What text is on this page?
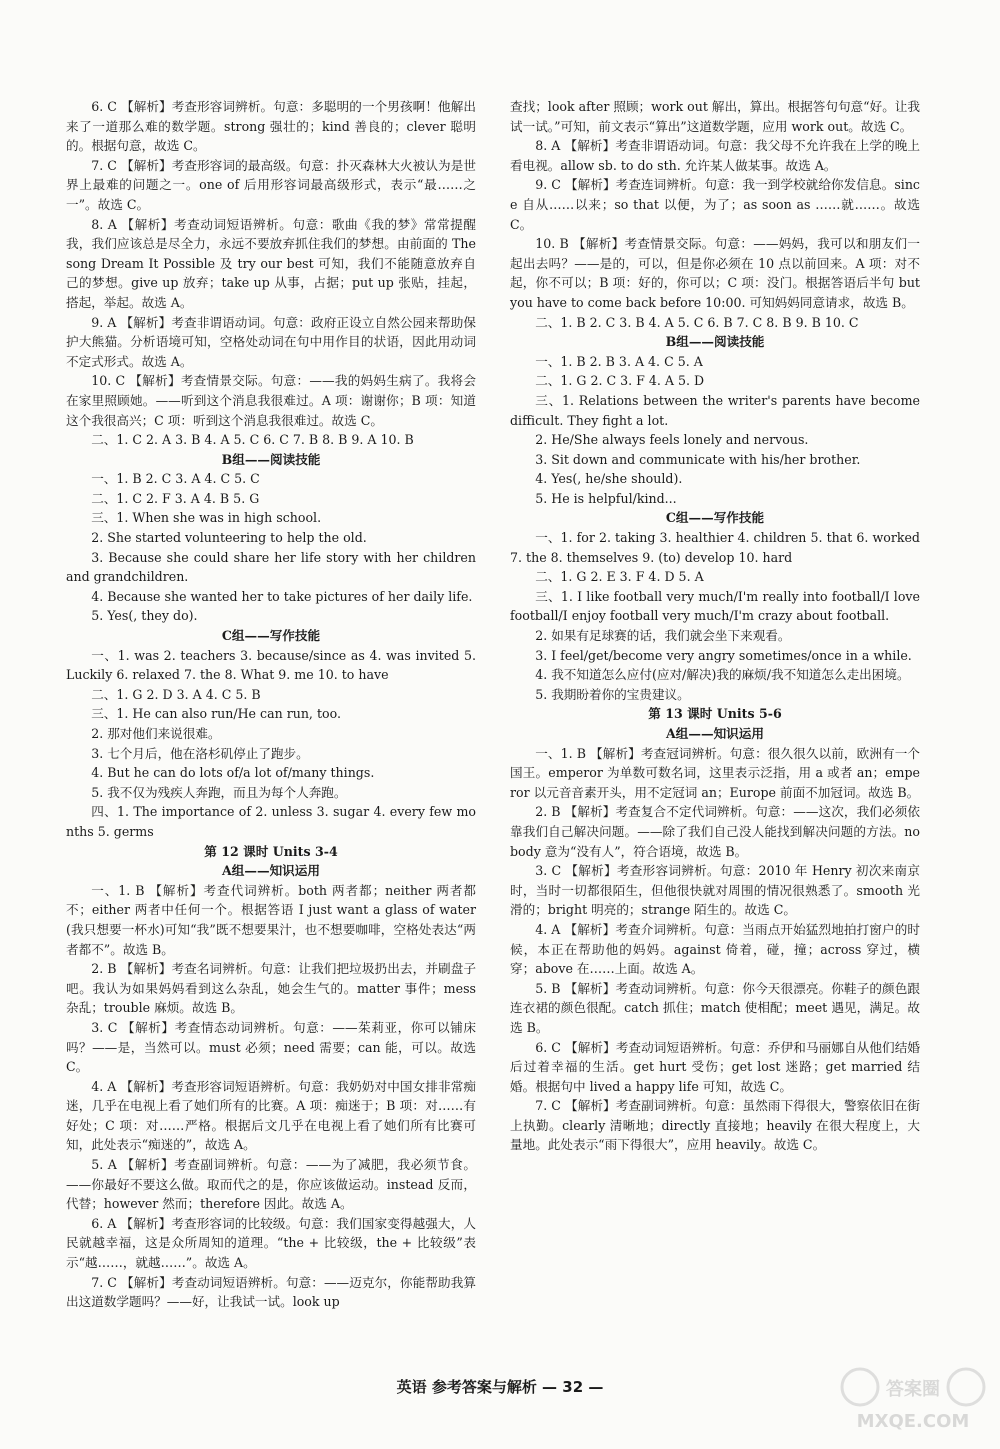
6. C 【解析】考查形容词辨析。句意：多聪明的一个男孩啊！他解出来了一道那么难的数学题。strong 强壮的；kind 善良的；clever 聪明的。根据句意，故选 C。

7. C 【解析】考查形容词的最高级。句意：扑灭森林大火被认为是世界上最难的问题之一。one of 后用形容词最高级形式，表示“最……之一”。故选 C。

8. A 【解析】考查动词短语辨析。句意：歌曲《我的梦》常常提醒我，我们应该总是尽全力，永远不要放弃抓住我们的梦想。由前面的 The song Dream It Possible 及 try our best 可知，我们不能随意放弃自己的梦想。give up 放弃；take up 从事，占据；put up 张贴，挂起，搭起，举起。故选 A。

9. A 【解析】考查非谓语动词。句意：政府正设立自然公园来帮助保护大熊猫。分析语境可知，空格处动词在句中用作目的状语，因此用动词不定式形式。故选 A。

10. C 【解析】考查情景交际。句意：——我的妈妈生病了。我将会在家里照顾她。——听到这个消息我很难过。A 项：谢谢你；B 项：知道这个我很高兴；C 项：听到这个消息我很难过。故选 C。

二、1. C 2. A 3. B 4. A 5. C 6. C 7. B 8. B 9. A 10. B

B组——阅读技能

一、1. B 2. C 3. A 4. C 5. C

二、1. C 2. F 3. A 4. B 5. G

三、1. When she was in high school.

2. She started volunteering to help the old.

3. Because she could share her life story with her children and grandchildren.

4. Because she wanted her to take pictures of her daily life.

5. Yes(, they do).

C组——写作技能

一、1. was 2. teachers 3. because/since as 4. was invited 5. Luckily 6. relaxed 7. the 8. What 9. me 10. to have

二、1. G 2. D 3. A 4. C 5. B

三、1. He can also run/He can run, too.

2. 那对他们来说很难。

3. 七个月后，他在洛杉矶停止了跑步。

4. But he can do lots of/a lot of/many things.

5. 我不仅为残疾人奔跑，而且为每个人奔跑。

四、1. The importance of 2. unless 3. sugar 4. every few months 5. germs

第 12 课时 Units 3-4

A组——知识运用

一、1. B 【解析】考查代词辨析。both 两者都；neither 两者都不；either 两者中任何一个。根据答语 I just want a glass of water(我只想要一杯水)可知“我”既不想要果汁，也不想要咖啡，空格处表达“两者都不”。故选 B。

2. B 【解析】考查名词辨析。句意：让我们把垃圾扔出去，并刷盘子吧。我认为如果妈妈看到这么杂乱，她会生气的。matter 事件；mess 杂乱；trouble 麻烦。故选 B。

3. C 【解析】考查情态动词辨析。句意：——茱莉亚，你可以铺床吗？——是，当然可以。must 必须；need 需要；can 能，可以。故选 C。

4. A 【解析】考查形容词短语辨析。句意：我奶奶对中国女排非常痴迷，几乎在电视上看了她们所有的比赛。A 项：痴迷于；B 项：对……有好处；C 项：对……严格。根据后文几乎在电视上看了她们所有比赛可知，此处表示“痴迷的”，故选 A。

5. A 【解析】考查副词辨析。句意：——为了减肥，我必须节食。——你最好不要这么做。取而代之的是，你应该做运动。instead 反而，代替；however 然而；therefore 因此。故选 A。

6. A 【解析】考查形容词的比较级。句意：我们国家变得越强大，人民就越幸福，这是众所周知的道理。“the + 比较级，the + 比较级”表示“越……，就越……”。故选 A。

7. C 【解析】考查动词短语辨析。句意：——迈克尔，你能帮助我算出这道数学题吗？——好，让我试一试。look up

查找；look after 照顾；work out 解出，算出。根据答句句意“好。让我试一试。”可知，前文表示“算出”这道数学题，应用 work out。故选 C。

8. A 【解析】考查非谓语动词。句意：我父母不允许我在上学的晚上看电视。allow sb. to do sth. 允许某人做某事。故选 A。

9. C 【解析】考查连词辨析。句意：我一到学校就给你发信息。since 自从……以来；so that 以便，为了；as soon as ……就……。故选 C。

10. B 【解析】考查情景交际。句意：——妈妈，我可以和朋友们一起出去吗？——是的，可以，但是你必须在 10 点以前回来。A 项：对不起，你不可以；B 项：好的，你可以；C 项：没门。根据答语后半句 but you have to come back before 10:00. 可知妈妈同意请求，故选 B。

二、1. B 2. C 3. B 4. A 5. C 6. B 7. C 8. B 9. B 10. C

B组——阅读技能

一、1. B 2. B 3. A 4. C 5. A

二、1. G 2. C 3. F 4. A 5. D

三、1. Relations between the writer's parents have become difficult. They fight a lot.

2. He/She always feels lonely and nervous.

3. Sit down and communicate with his/her brother.

4. Yes(, he/she should).

5. He is helpful/kind...

C组——写作技能

一、1. for 2. taking 3. healthier 4. children 5. that 6. worked 7. the 8. themselves 9. (to) develop 10. hard

二、1. G 2. E 3. F 4. D 5. A

三、1. I like football very much/I'm really into football/I love football/I enjoy football very much/I'm crazy about football.

2. 如果有足球赛的话，我们就会坐下来观看。

3. I feel/get/become very angry sometimes/once in a while.

4. 我不知道怎么应付(应对/解决)我的麻烦/我不知道怎么走出困境。

5. 我期盼着你的宝贵建议。

第 13 课时 Units 5-6

A组——知识运用

一、1. B 【解析】考查冠词辨析。句意：很久很久以前，欧洲有一个国王。emperor 为单数可数名词，这里表示泛指，用 a 或者 an；emperor 以元音音素开头，用不定冠词 an；Europe 前面不加冠词。故选 B。

2. B 【解析】考查复合不定代词辨析。句意：——这次，我们必须依靠我们自己解决问题。——除了我们自己没人能找到解决问题的方法。nobody 意为“没有人”，符合语境，故选 B。

3. C 【解析】考查形容词辨析。句意：2010 年 Henry 初次来南京时，当时一切都很陌生，但他很快就对周围的情况很熟悉了。smooth 光滑的；bright 明亮的；strange 陌生的。故选 C。

4. A 【解析】考查介词辨析。句意：当雨点开始猛烈地拍打窗户的时候，本正在帮助他的妈妈。against 倚着，碰，撞；across 穿过，横穿；above 在……上面。故选 A。

5. B 【解析】考查动词辨析。句意：你今天很漂亮。你鞋子的颜色跟连衣裙的颜色很配。catch 抓住；match 使相配；meet 遇见，满足。故选 B。

6. C 【解析】考查动词短语辨析。句意：乔伊和马丽娜自从他们结婚后过着幸福的生活。get hurt 受伤；get lost 迷路；get married 结婚。根据句中 lived a happy life 可知，故选 C。

7. C 【解析】考查副词辨析。句意：虽然雨下得很大，警察依旧在街上执勤。clearly 清晰地；directly 直接地；heavily 在很大程度上，大量地。此处表示“雨下得很大”，应用 heavily。故选 C。

英语 参考答案与解析 — 32 —	答案圈
MXQE.COM
